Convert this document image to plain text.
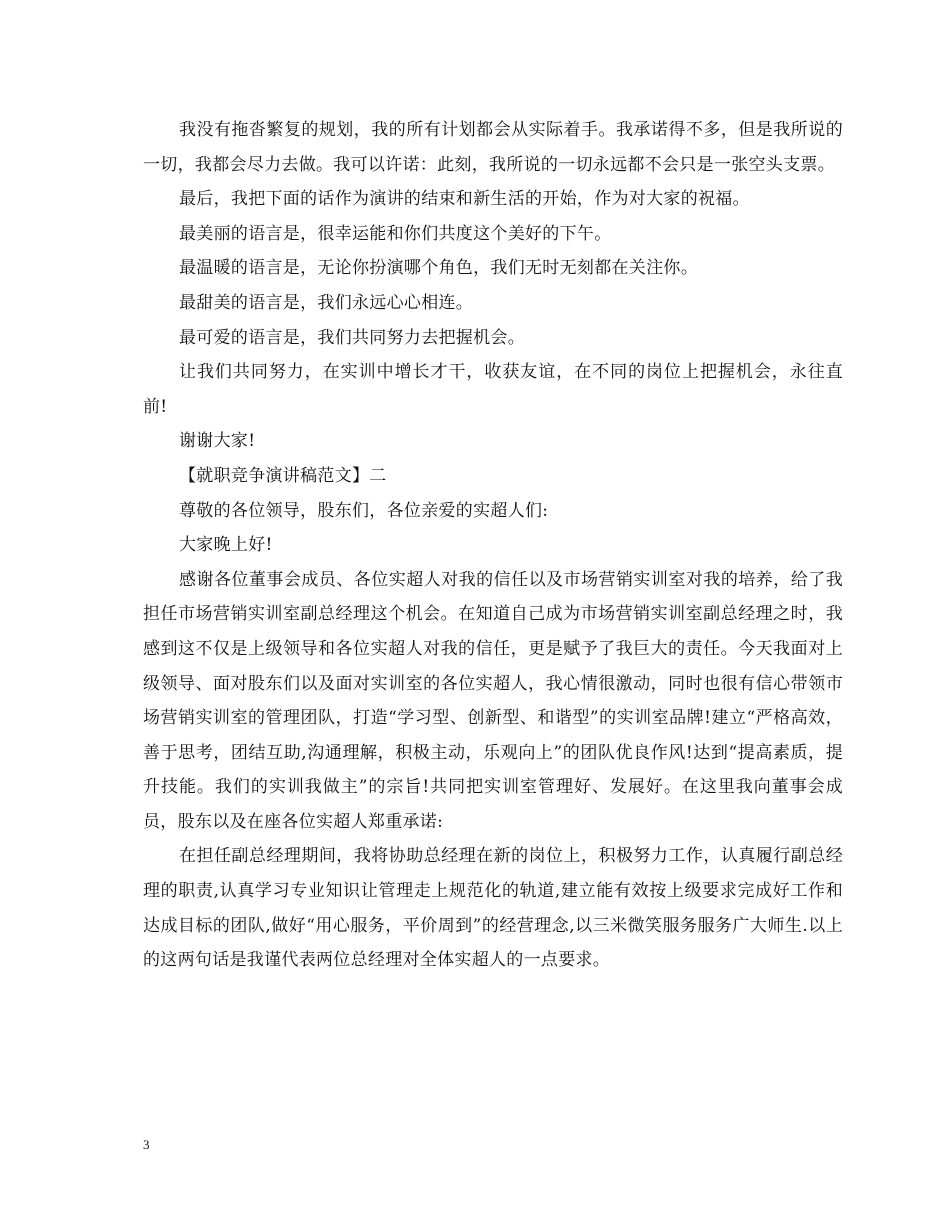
我没有拖沓繁复的规划，我的所有计划都会从实际着手。我承诺得不多，但是我所说的一切，我都会尽力去做。我可以许诺：此刻，我所说的一切永远都不会只是一张空头支票。

最后，我把下面的话作为演讲的结束和新生活的开始，作为对大家的祝福。

最美丽的语言是，很幸运能和你们共度这个美好的下午。

最温暖的语言是，无论你扮演哪个角色，我们无时无刻都在关注你。

最甜美的语言是，我们永远心心相连。

最可爱的语言是，我们共同努力去把握机会。

让我们共同努力，在实训中增长才干，收获友谊，在不同的岗位上把握机会，永往直前!

谢谢大家!

【就职竞争演讲稿范文】二

尊敬的各位领导，股东们，各位亲爱的实超人们:

大家晚上好!

感谢各位董事会成员、各位实超人对我的信任以及市场营销实训室对我的培养，给了我担任市场营销实训室副总经理这个机会。在知道自己成为市场营销实训室副总经理之时，我感到这不仅是上级领导和各位实超人对我的信任，更是赋予了我巨大的责任。今天我面对上级领导、面对股东们以及面对实训室的各位实超人，我心情很激动，同时也很有信心带领市场营销实训室的管理团队，打造“学习型、创新型、和谐型”的实训室品牌!建立“严格高效，善于思考，团结互助,沟通理解，积极主动，乐观向上”的团队优良作风!达到“提高素质，提升技能。我们的实训我做主”的宗旨!共同把实训室管理好、发展好。在这里我向董事会成员，股东以及在座各位实超人郑重承诺:

在担任副总经理期间，我将协助总经理在新的岗位上，积极努力工作，认真履行副总经理的职责,认真学习专业知识让管理走上规范化的轨道,建立能有效按上级要求完成好工作和达成目标的团队,做好“用心服务，平价周到”的经营理念,以三米微笑服务服务广大师生.以上的这两句话是我谨代表两位总经理对全体实超人的一点要求。

3
